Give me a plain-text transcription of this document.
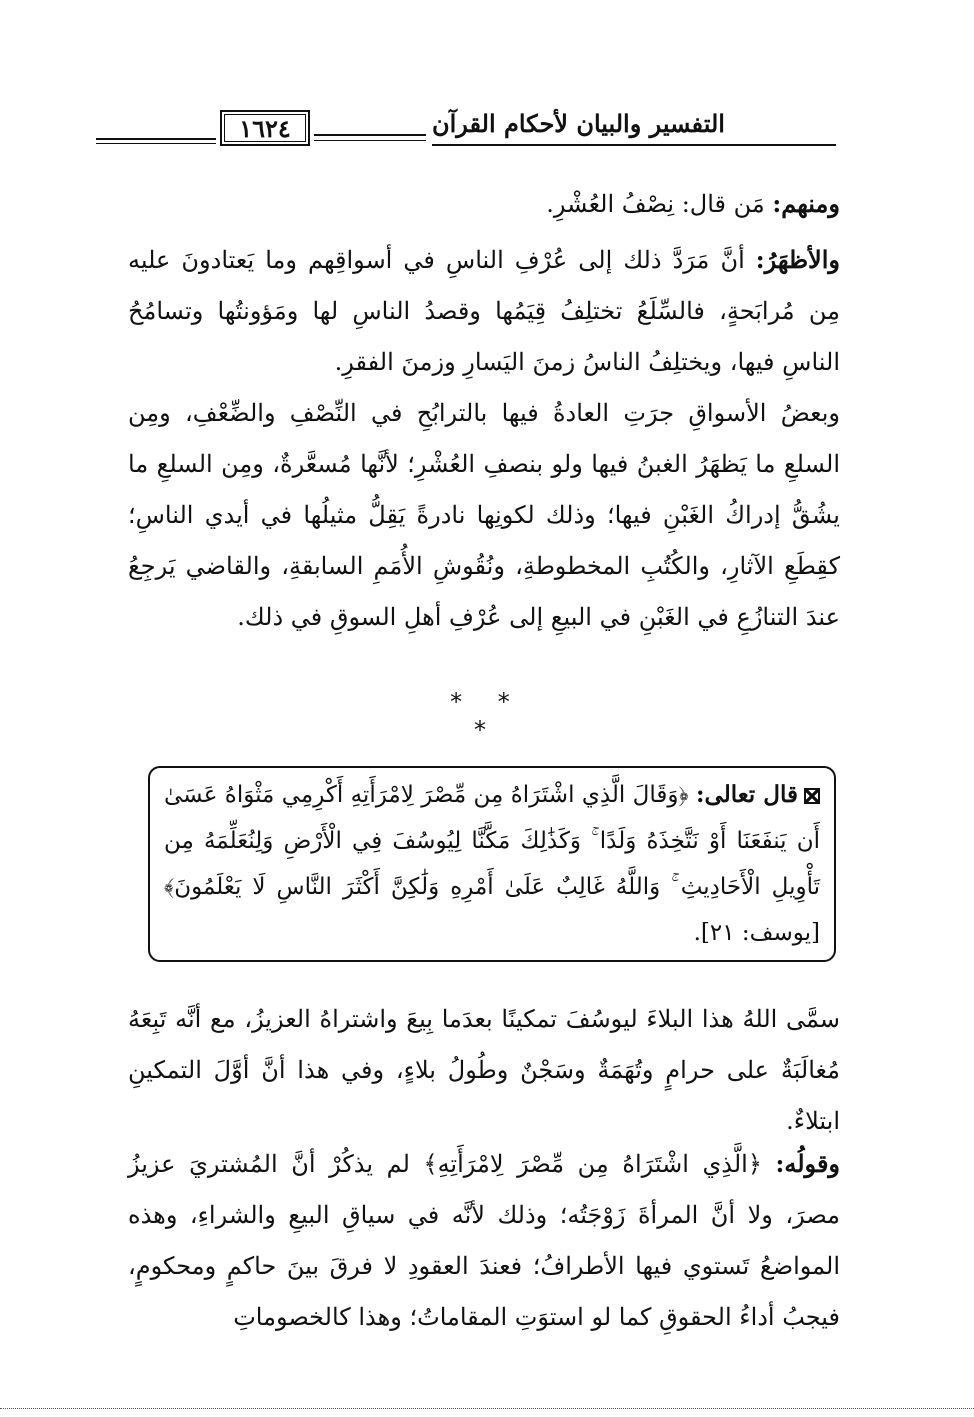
١٦٢٤	التفسير والبيان لأحكام القرآن
ومنهم: مَن قال: نِصْفُ العُشْرِ.
والأظهَرُ: أنَّ مَرَدَّ ذلك إلى عُرْفِ الناسِ في أسواقِهم وما يَعتادونَ عليه مِن مُرابَحةٍ، فالسِّلَعُ تختلِفُ قِيَمُها وقصدُ الناسِ لها ومَؤونتُها وتسامُحُ الناسِ فيها، ويختلِفُ الناسُ زمنَ اليَسارِ وزمنَ الفقرِ.
وبعضُ الأسواقِ جرَتِ العادةُ فيها بالترابُحِ في النِّصْفِ والضِّعْفِ، ومِن السلعِ ما يَظهَرُ الغبنُ فيها ولو بنصفِ العُشْرِ؛ لأنَّها مُسعَّرةٌ، ومِن السلعِ ما يشُقُّ إدراكُ الغَبْنِ فيها؛ وذلك لكونِها نادرةً يَقِلُّ مثيلُها في أيدي الناسِ؛ كقِطَعِ الآثارِ، والكُتُبِ المخطوطةِ، ونُقُوشِ الأُمَمِ السابقةِ، والقاضي يَرجِعُ عندَ التنازُعِ في الغَبْنِ في البيعِ إلى عُرْفِ أهلِ السوقِ في ذلك.
* * *
قال تعالى: ﴿وَقَالَ الَّذِي اشْتَرَاهُ مِن مِّصْرَ لِامْرَأَتِهِ أَكْرِمِي مَثْوَاهُ عَسَىٰ أَن يَنفَعَنَا أَوْ نَتَّخِذَهُ وَلَدًا ۚ وَكَذَٰلِكَ مَكَّنَّا لِيُوسُفَ فِي الْأَرْضِ وَلِنُعَلِّمَهُ مِن تَأْوِيلِ الْأَحَادِيثِ ۚ وَاللَّهُ غَالِبٌ عَلَىٰ أَمْرِهِ وَلَٰكِنَّ أَكْثَرَ النَّاسِ لَا يَعْلَمُونَ﴾ [يوسف: ٢١].
سمَّى اللهُ هذا البلاءَ ليوسُفَ تمكينًا بعدَما بِيعَ واشتراهُ العزيزُ، مع أنَّه تَبِعَهُ مُغالَبَةٌ على حرامٍ وتُهَمَةٌ وسَجْنٌ وطُولُ بلاءٍ، وفي هذا أنَّ أوَّلَ التمكينِ ابتلاءٌ.
وقولُه: ﴿الَّذِي اشْتَرَاهُ مِن مِّصْرَ لِامْرَأَتِهِ﴾ لم يذكُرْ أنَّ المُشتريَ عزيزُ مصرَ، ولا أنَّ المرأةَ زَوْجَتُه؛ وذلك لأنَّه في سياقِ البيعِ والشراءِ، وهذه المواضعُ تَستوي فيها الأطرافُ؛ فعندَ العقودِ لا فرقَ بينَ حاكمٍ ومحكومٍ، فيجبُ أداءُ الحقوقِ كما لو استوَتِ المقاماتُ؛ وهذا كالخصوماتِ
